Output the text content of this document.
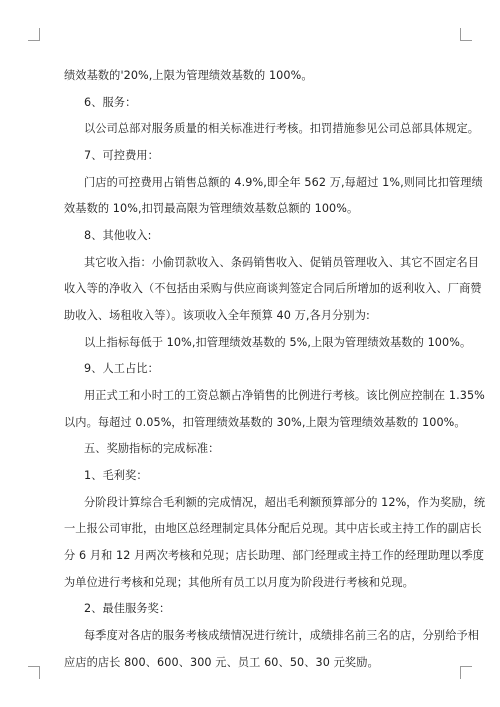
绩效基数的'20%,上限为管理绩效基数的 100%。
6、服务：
以公司总部对服务质量的相关标准进行考核。扣罚措施参见公司总部具体规定。
7、可控费用：
门店的可控费用占销售总额的 4.9%,即全年 562 万,每超过 1%,则同比扣管理绩
效基数的 10%,扣罚最高限为管理绩效基数总额的 100%。
8、其他收入:
其它收入指：小偷罚款收入、条码销售收入、促销员管理收入、其它不固定名目
收入等的净收入（不包括由采购与供应商谈判签定合同后所增加的返利收入、厂商赞
助收入、场租收入等）。该项收入全年预算 40 万,各月分别为:
以上指标每低于 10%,扣管理绩效基数的 5%,上限为管理绩效基数的 100%。
9、人工占比：
用正式工和小时工的工资总额占净销售的比例进行考核。该比例应控制在 1.35%
以内。每超过 0.05%，扣管理绩效基数的 30%,上限为管理绩效基数的 100%。
五、奖励指标的完成标准：
1、毛利奖：
分阶段计算综合毛利额的完成情况，超出毛利额预算部分的 12%，作为奖励，统
一上报公司审批，由地区总经理制定具体分配后兑现。其中店长或主持工作的副店长
分 6 月和 12 月两次考核和兑现；店长助理、部门经理或主持工作的经理助理以季度
为单位进行考核和兑现；其他所有员工以月度为阶段进行考核和兑现。
2、最佳服务奖：
每季度对各店的服务考核成绩情况进行统计，成绩排名前三名的店，分别给予相
应店的店长 800、600、300 元、员工 60、50、30 元奖励。
